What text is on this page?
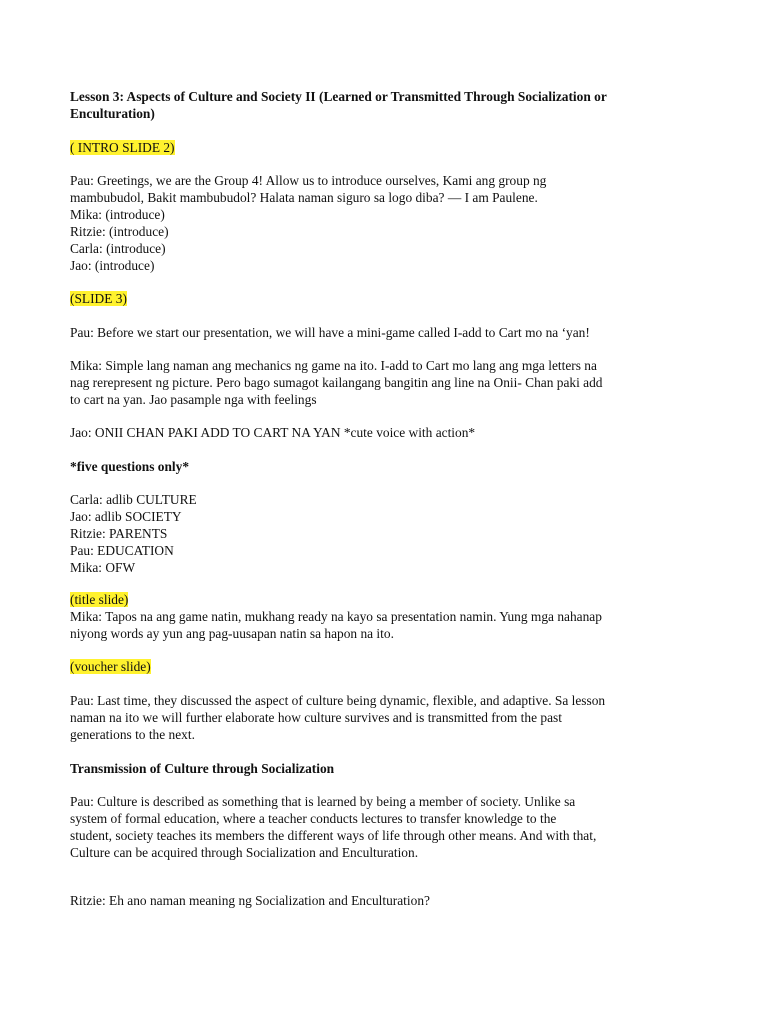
Lesson 3: Aspects of Culture and Society II (Learned or Transmitted Through Socialization or
Enculturation)
( INTRO SLIDE 2)
Pau: Greetings, we are the Group 4! Allow us to introduce ourselves, Kami ang group ng
mambubudol, Bakit mambubudol? Halata naman siguro sa logo diba? — I am Paulene.
Mika: (introduce)
Ritzie: (introduce)
Carla: (introduce)
Jao: (introduce)
(SLIDE 3)
Pau: Before we start our presentation, we will have a mini-game called I-add to Cart mo na ‘yan!
Mika: Simple lang naman ang mechanics ng game na ito. I-add to Cart mo lang ang mga letters na
nag rerepresent ng picture. Pero bago sumagot kailangang bangitin ang line na Onii- Chan paki add
to cart na yan. Jao pasample nga with feelings
Jao: ONII CHAN PAKI ADD TO CART NA YAN *cute voice with action*
*five questions only*
Carla: adlib CULTURE
Jao: adlib SOCIETY
Ritzie: PARENTS
Pau: EDUCATION
Mika: OFW
(title slide)
Mika: Tapos na ang game natin, mukhang ready na kayo sa presentation namin. Yung mga nahanap
niyong words ay yun ang pag-uusapan natin sa hapon na ito.
(voucher slide)
Pau: Last time, they discussed the aspect of culture being dynamic, flexible, and adaptive. Sa lesson
naman na ito we will further elaborate how culture survives and is transmitted from the past
generations to the next.
Transmission of Culture through Socialization
Pau: Culture is described as something that is learned by being a member of society. Unlike sa
system of formal education, where a teacher conducts lectures to transfer knowledge to the
student, society teaches its members the different ways of life through other means. And with that,
Culture can be acquired through Socialization and Enculturation.
Ritzie: Eh ano naman meaning ng Socialization and Enculturation?
